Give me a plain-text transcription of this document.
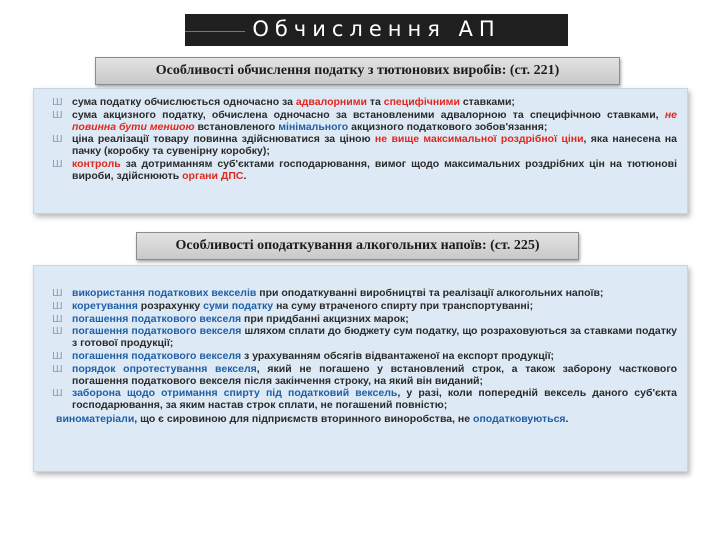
Обчислення АП
Особливості обчислення податку з тютюнових виробів: (ст. 221)
Ш сума податку обчислюється одночасно за адвалорними та специфічними ставками;
Ш сума акцизного податку, обчислена одночасно за встановленими адвалорною та специфічною ставками, не повинна бути меншою встановленого мінімального акцизного податкового зобов'язання;
Ш ціна реалізації товару повинна здійснюватися за ціною не вище максимальної роздрібної ціни, яка нанесена на пачку (коробку та сувенірну коробку);
Ш контроль за дотриманням суб'єктами господарювання, вимог щодо максимальних роздрібних цін на тютюнові вироби, здійснюють органи ДПС.
Особливості оподаткування алкогольних напоїв: (ст. 225)
Ш використання податкових векселів при оподаткуванні виробництві та реалізації алкогольних напоїв;
Ш коретування розрахунку суми податку на суму втраченого спирту при транспортуванні;
Ш погашення податкового векселя при придбанні акцизних марок;
Ш погашення податкового векселя шляхом сплати до бюджету сум податку, що розраховуються за ставками податку з готової продукції;
Ш погашення податкового векселя з урахуванням обсягів відвантаженої на експорт продукції;
Ш порядок опротестування векселя, який не погашено у встановлений строк, а також заборону часткового погашення податкового векселя після закінчення строку, на який він виданий;
Ш заборона щодо отримання спирту під податковий вексель, у разі, коли попередній вексель даного суб'єкта господарювання, за яким настав строк сплати, не погашений повністю;
виноматеріали, що є сировиною для підприємств вторинного виноробства, не оподатковуються.
